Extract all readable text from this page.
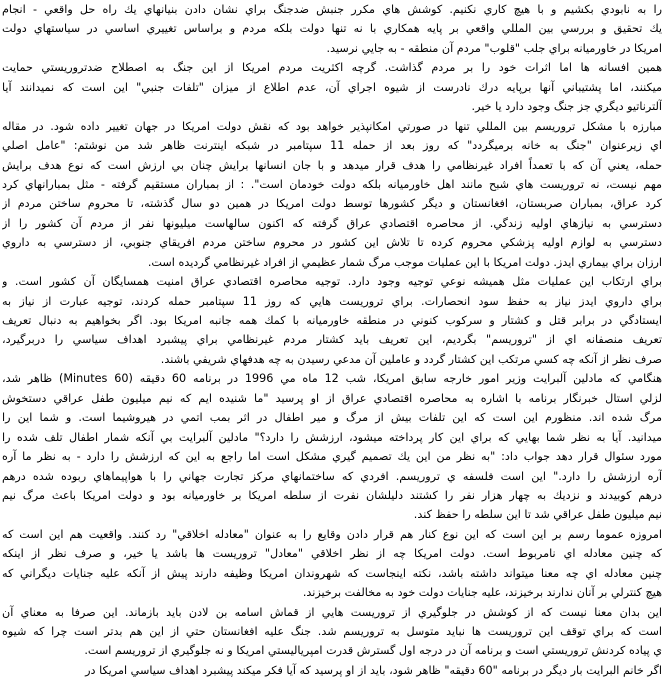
را به نابودي بكشيم و با هيچ كاري نكنيم. كوشش هاي مكرر جنبش ضدجنگ براي نشان دادن بنيانهاي يك راه حل واقعي - انجام
يك تحقيق و بررسي بين المللي واقعي بر پايه همكاري با نه تنها دولت بلكه مردم و براساس تغييري اساسي در سياستهاي دولت
امريكا در خاورميانه براي جلب "قلوب" مردم آن منطقه - به جايي نرسيد.
همين افسانه ها اما اثرات خود را بر مردم گذاشت. گرچه اكثريت مردم امريكا از اين جنگ به اصطلاح ضدتروريستي حمايت
ميكنند، اما پشتيباني آنها برپايه درك نادرست از شيوه اجراي آن، عدم اطلاع از ميزان "تلفات جنبي" اين است كه نميدانند آيا
آلترناتيو ديگري جز جنگ وجود دارد يا خير.
مبارزه با مشكل تروريسم بين المللي تنها در صورتي امكانپذير خواهد بود كه نقش دولت امريكا در جهان تغيير داده شود. در مقاله
اي زيرعنوان "جنگ به خانه برميگردد" كه روز بعد از حمله 11 سپتامبر در شبكه اينترنت ظاهر شد من نوشتم: "عامل اصلي
حمله، يعني آن كه با تعمداً افراد غيرنظامي را هدف قرار ميدهد و با جان انسانها برايش چنان بي ارزش است كه نوع هدف برايش
مهم نيست، نه تروريست هاي شبح مانند اهل خاورميانه بلكه دولت خودمان است". : از بمباران مستقيم گرفته - مثل بمبارانهاي كرد
كرد عراق، بمباران صربستان، افغانستان و ديگر كشورها توسط دولت امريكا در همين دو سال گذشته، تا محروم ساختن مردم از
دسترسي به نيازهاي اوليه زندگي. از محاصره اقتصادي عراق گرفته كه اكنون سالهاست ميليونها نفر از مردم آن كشور را از
دسترسي به لوازم اوليه پزشكي محروم كرده تا تلاش اين كشور در محروم ساختن مردم افريقاي جنوبي، از دسترسي به داروي
ارزان براي بيماري ايدز. دولت امريكا با اين عمليات موجب مرگ شمار عظيمي از افراد غيرنظامي گرديده است.
براي ارتكاب اين عمليات مثل هميشه نوعي توجيه وجود دارد. توجيه محاصره اقتصادي عراق امنيت همسايگان آن كشور است. و
براي داروي ايدز نياز به حفظ سود انحصارات. براي تروريست هايي كه روز 11 سپتامبر حمله كردند، توجيه عبارت از نياز به
ايستادگي در برابر قتل و كشتار و سركوب كنوني در منطقه خاورميانه با كمك همه جانبه امريكا بود. اگر بخواهيم به دنبال تعريف
تعريف منصفانه اي از "تروريسم" بگرديم، اين تعريف بايد كشتار مردم غيرنظامي براي پيشبرد اهداف سياسي را دربرگيرد،
صرف نظر از آنكه چه كسي مرتكب اين كشتار گردد و عاملين آن مدعي رسيدن به چه هدفهاي شريفي باشند.
هنگامي كه مادلين آلبرايت وزير امور خارجه سابق امريكا، شب 12 ماه مي 1996 در برنامه 60 دقيقه (60 Minutes) ظاهر شد،
لزلي استال خبرنگار برنامه با اشاره به محاصره اقتصادي عراق از او پرسيد "ما شنيده ايم كه نيم ميليون طفل عراقي دستخوش
مرگ شده اند. منظورم اين است كه اين تلفات بيش از مرگ و مير اطفال در اثر بمب اتمي در هيروشيما است. و شما اين را
ميدانيد. آيا به نظر شما بهايي كه براي اين كار پرداخته ميشود، ارزشش را دارد؟" مادلين آلبرايت بي آنكه شمار اطفال تلف شده را
مورد سئوال قرار دهد جواب داد: "به نظر من اين يك تصميم گيري مشكل است اما راجع به اين كه ارزشش را دارد - به نظر ما آره
آره ارزشش را دارد." اين است فلسفه ي تروريسم. افردي كه ساختمانهاي مركز تجارت جهاني را با هواپيماهاي ربوده شده درهم
درهم كوبيدند و نزديك به چهار هزار نفر را كشتند دليلشان نفرت از سلطه امريكا بر خاورميانه بود و دولت امريكا باعث مرگ نيم
نيم ميليون طفل عراقي شد تا اين سلطه را حفظ كند.
امروزه عموما رسم بر اين است كه اين نوع كنار هم قرار دادن وقايع را به عنوان "معادله اخلاقي" رد كنند. واقعيت هم اين است كه
كه چنين معادله اي نامربوط است. دولت امريكا چه از نظر اخلاقي "معادل" تروريست ها باشد يا خير، و صرف نظر از اينكه
چنين معادله اي چه معنا ميتواند داشته باشد، نكته اينجاست كه شهروندان امريكا وظيفه دارند پيش از آنكه عليه جنايات ديگراني كه
هيچ كنترلي بر آنان ندارند برخيزند، عليه جنايات دولت خود به مخالفت برخيزند.
اين بدان معنا نيست كه از كوشش در جلوگيري از تروريست هايي از قماش اسامه بن لادن بايد بازماند. اين صرفا به معناي آن
است كه براي توقف اين تروريست ها نبايد متوسل به تروريسم شد. جنگ عليه افغانستان حتي از اين هم بدتر است چرا كه شيوه
ي پياده كردنش تروريستي است و برنامه آن در درجه اول گسترش قدرت امپرياليستي امريكا و نه جلوگيري از تروريسم است.
اگر خانم البرايت بار ديگر در برنامه "60 دقيقه" ظاهر شود، بايد از او پرسيد كه آيا فكر ميكند پيشبرد اهداف سياسي امريكا در
